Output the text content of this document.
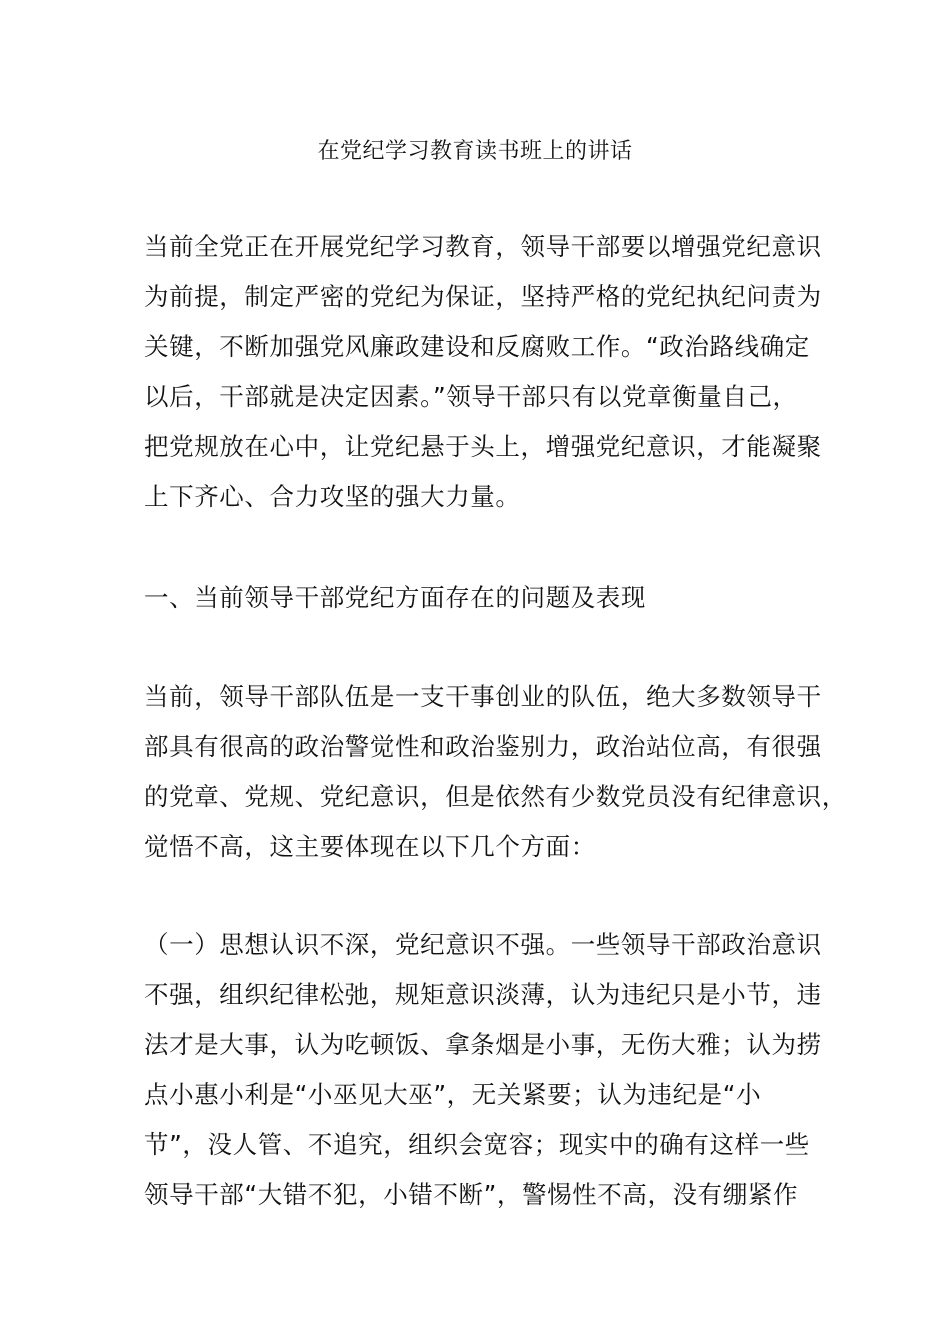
在党纪学习教育读书班上的讲话
当前全党正在开展党纪学习教育，领导干部要以增强党纪意识
为前提，制定严密的党纪为保证，坚持严格的党纪执纪问责为
关键，不断加强党风廉政建设和反腐败工作。“政治路线确定
以后，干部就是决定因素。”领导干部只有以党章衡量自己，
把党规放在心中，让党纪悬于头上，增强党纪意识，才能凝聚
上下齐心、合力攻坚的强大力量。
一、当前领导干部党纪方面存在的问题及表现
当前，领导干部队伍是一支干事创业的队伍，绝大多数领导干
部具有很高的政治警觉性和政治鉴别力，政治站位高，有很强
的党章、党规、党纪意识，但是依然有少数党员没有纪律意识，
觉悟不高，这主要体现在以下几个方面：
（一）思想认识不深，党纪意识不强。一些领导干部政治意识
不强，组织纪律松弛，规矩意识淡薄，认为违纪只是小节，违
法才是大事，认为吃顿饭、拿条烟是小事，无伤大雅；认为捞
点小惠小利是“小巫见大巫”，无关紧要；认为违纪是“小
节”，没人管、不追究，组织会宽容；现实中的确有这样一些
领导干部“大错不犯，小错不断”，警惕性不高，没有绷紧作
